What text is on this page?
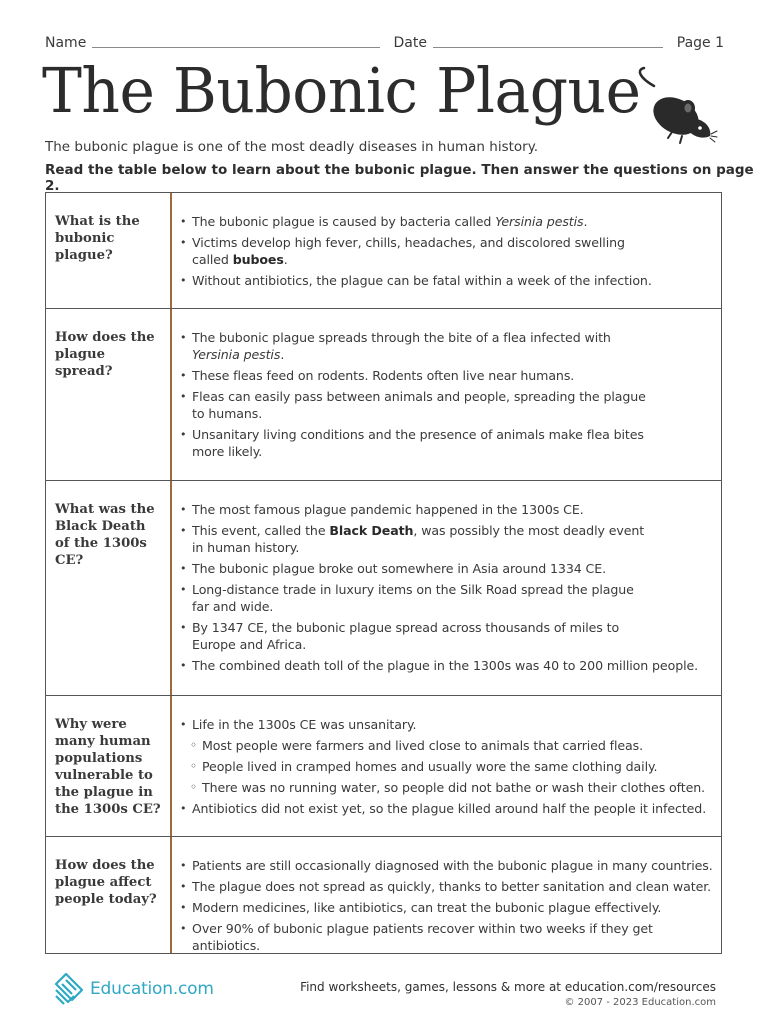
Name	Date	Page 1
The Bubonic Plague

The bubonic plague is one of the most deadly diseases in human history.

Read the table below to learn about the bubonic plague. Then answer the questions on page 2.

What is the bubonic plague?
• The bubonic plague is caused by bacteria called Yersinia pestis.
• Victims develop high fever, chills, headaches, and discolored swelling
called buboes.
• Without antibiotics, the plague can be fatal within a week of the infection.
How does the plague spread?
• The bubonic plague spreads through the bite of a flea infected with
Yersinia pestis.
• These fleas feed on rodents. Rodents often live near humans.
• Fleas can easily pass between animals and people, spreading the plague
to humans.
• Unsanitary living conditions and the presence of animals make flea bites
more likely.
What was the Black Death of the 1300s CE?
• The most famous plague pandemic happened in the 1300s CE.
• This event, called the Black Death, was possibly the most deadly event
in human history.
• The bubonic plague broke out somewhere in Asia around 1334 CE.
• Long-distance trade in luxury items on the Silk Road spread the plague
far and wide.
• By 1347 CE, the bubonic plague spread across thousands of miles to
Europe and Africa.
• The combined death toll of the plague in the 1300s was 40 to 200 million people.
Why were many human populations vulnerable to the plague in the 1300s CE?
• Life in the 1300s CE was unsanitary.
◦ Most people were farmers and lived close to animals that carried fleas.
◦ People lived in cramped homes and usually wore the same clothing daily.
◦ There was no running water, so people did not bathe or wash their clothes often.
• Antibiotics did not exist yet, so the plague killed around half the people it infected.
How does the plague affect people today?
• Patients are still occasionally diagnosed with the bubonic plague in many countries.
• The plague does not spread as quickly, thanks to better sanitation and clean water.
• Modern medicines, like antibiotics, can treat the bubonic plague effectively.
• Over 90% of bubonic plague patients recover within two weeks if they get antibiotics.
Education.com	Find worksheets, games, lessons & more at education.com/resources
© 2007 - 2023 Education.com
